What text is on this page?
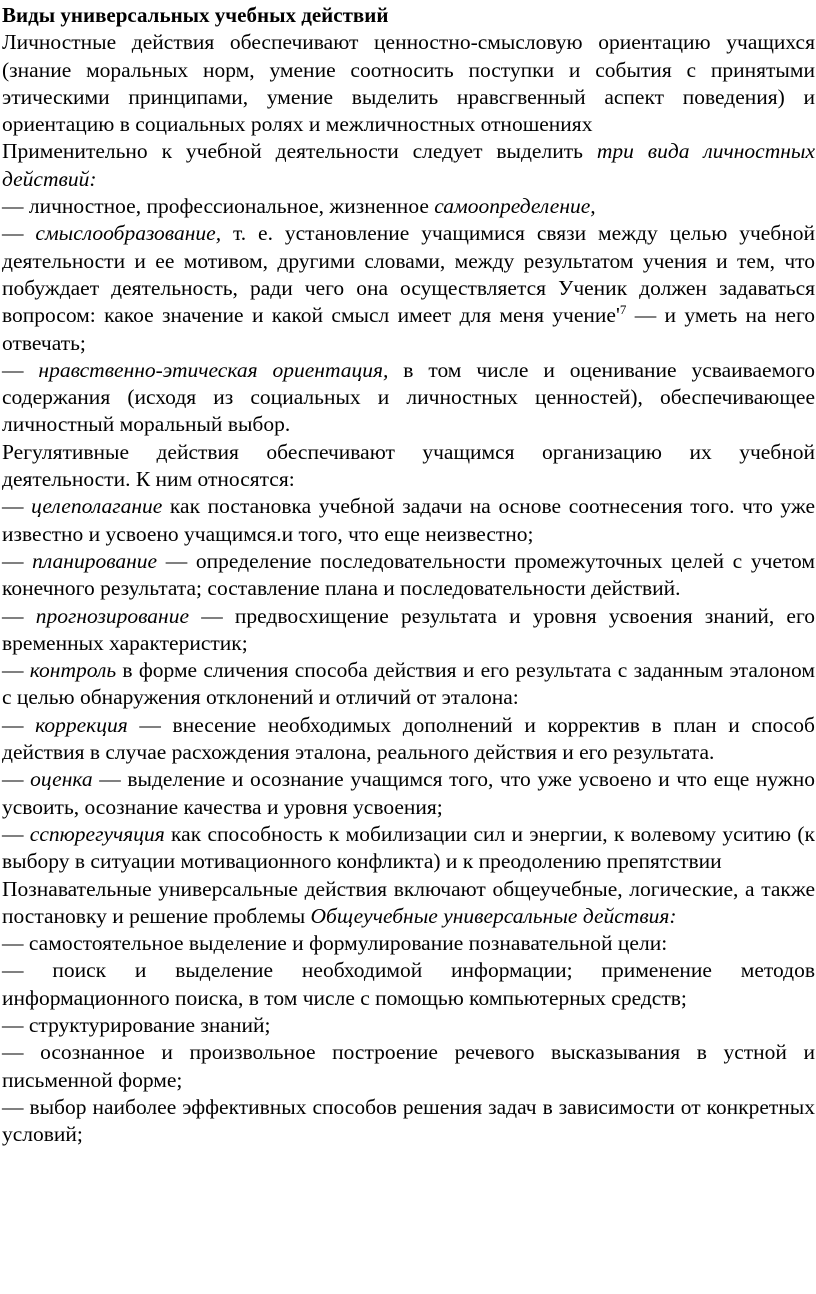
Виды универсальных учебных действий

Личностные действия обеспечивают ценностно-смысловую ориентацию учащихся (знание моральных норм, умение соотносить поступки и события с принятыми этическими принципами, умение выделить нравсгвенный аспект поведения) и ориентацию в социальных ролях и межличностных отношениях

Применительно к учебной деятельности следует выделить три вида личностных действий:

— личностное, профессиональное, жизненное самоопределение,

— смыслообразование, т. е. установление учащимися связи между целью учебной деятельности и ее мотивом, другими словами, между результатом учения и тем, что побуждает деятельность, ради чего она осуществляется Ученик должен задаваться вопросом: какое значение и какой смысл имеет для меня $учение'^7$ — и уметь на него отвечать;

— нравственно-этическая ориентация, в том числе и оценивание усваиваемого содержания (исходя из социальных и личностных ценностей), обеспечивающее личностный моральный выбор.

Регулятивные действия обеспечивают учащимся организацию их учебной деятельности. К ним относятся:

— целеполагание как постановка учебной задачи на основе соотнесения того. что уже известно и усвоено учащимся.и того, что еще неизвестно;

— планирование — определение последовательности промежуточных целей с учетом конечного результата; составление плана и последовательности действий.

— прогнозирование — предвосхищение результата и уровня усвоения знаний, его временных характеристик;

— контроль в форме сличения способа действия и его результата с заданным эталоном с целью обнаружения отклонений и отличий от эталона:

— коррекция — внесение необходимых дополнений и корректив в план и способ действия в случае расхождения эталона, реального действия и его результата.

— оценка — выделение и осознание учащимся того, что уже усвоено и что еще нужно усвоить, осознание качества и уровня усвоения;

— сспюрегучяция как способность к мобилизации сил и энергии, к волевому уситию (к выбору в ситуации мотивационного конфликта) и к преодолению препятствии

Познавательные универсальные действия включают общеучебные, логические, а также постановку и решение проблемы Общеучебные универсальные действия:

— самостоятельное выделение и формулирование познавательной цели:

— поиск и выделение необходимой информации; применение методов информационного поиска, в том числе с помощью компьютерных средств;

— структурирование знаний;

— осознанное и произвольное построение речевого высказывания в устной и письменной форме;

— выбор наиболее эффективных способов решения задач в зависимости от конкретных условий;
